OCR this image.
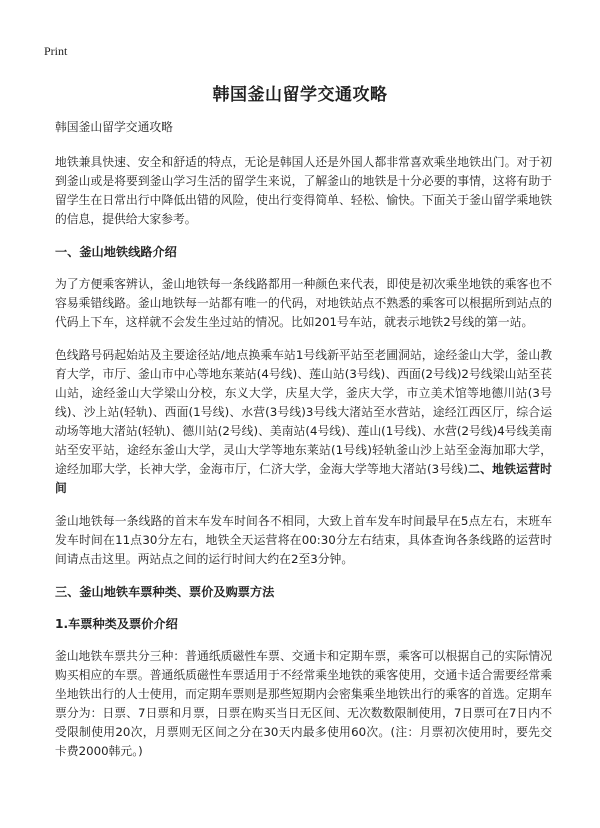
Print
韩国釜山留学交通攻略

韩国釜山留学交通攻略

地铁兼具快速、安全和舒适的特点，无论是韩国人还是外国人都非常喜欢乘坐地铁出门。对于初到釜山或是将要到釜山学习生活的留学生来说，了解釜山的地铁是十分必要的事情，这将有助于留学生在日常出行中降低出错的风险，使出行变得简单、轻松、愉快。下面关于釜山留学乘地铁的信息，提供给大家参考。

一、釜山地铁线路介绍

为了方便乘客辨认，釜山地铁每一条线路都用一种颜色来代表，即使是初次乘坐地铁的乘客也不容易乘错线路。釜山地铁每一站都有唯一的代码，对地铁站点不熟悉的乘客可以根据所到站点的代码上下车，这样就不会发生坐过站的情况。比如201号车站，就表示地铁2号线的第一站。

色线路号码起始站及主要途径站/地点换乘车站1号线新平站至老圃洞站，途经釜山大学，釜山教育大学，市厅、釜山市中心等地东莱站(4号线)、莲山站(3号线)、西面(2号线)2号线梁山站至苌山站，途经釜山大学梁山分校，东义大学，庆星大学，釜庆大学，市立美术馆等地德川站(3号线)、沙上站(轻轨)、西面(1号线)、水营(3号线)3号线大渚站至水营站，途经江西区厅，综合运动场等地大渚站(轻轨)、德川站(2号线)、美南站(4号线)、莲山(1号线)、水营(2号线)4号线美南站至安平站，途经东釜山大学，灵山大学等地东莱站(1号线)轻轨釜山沙上站至金海加耶大学，途经加耶大学，长神大学，金海市厅，仁济大学，金海大学等地大渚站(3号线)二、地铁运营时间

釜山地铁每一条线路的首末车发车时间各不相同，大致上首车发车时间最早在5点左右，末班车发车时间在11点30分左右，地铁全天运营将在00:30分左右结束，具体查询各条线路的运营时间请点击这里。两站点之间的运行时间大约在2至3分钟。

三、釜山地铁车票种类、票价及购票方法
1.车票种类及票价介绍

釜山地铁车票共分三种：普通纸质磁性车票、交通卡和定期车票，乘客可以根据自己的实际情况购买相应的车票。普通纸质磁性车票适用于不经常乘坐地铁的乘客使用，交通卡适合需要经常乘坐地铁出行的人士使用，而定期车票则是那些短期内会密集乘坐地铁出行的乘客的首选。定期车票分为：日票、7日票和月票，日票在购买当日无区间、无次数数限制使用，7日票可在7日内不受限制使用20次，月票则无区间之分在30天内最多使用60次。(注：月票初次使用时，要先交卡费2000韩元。)
